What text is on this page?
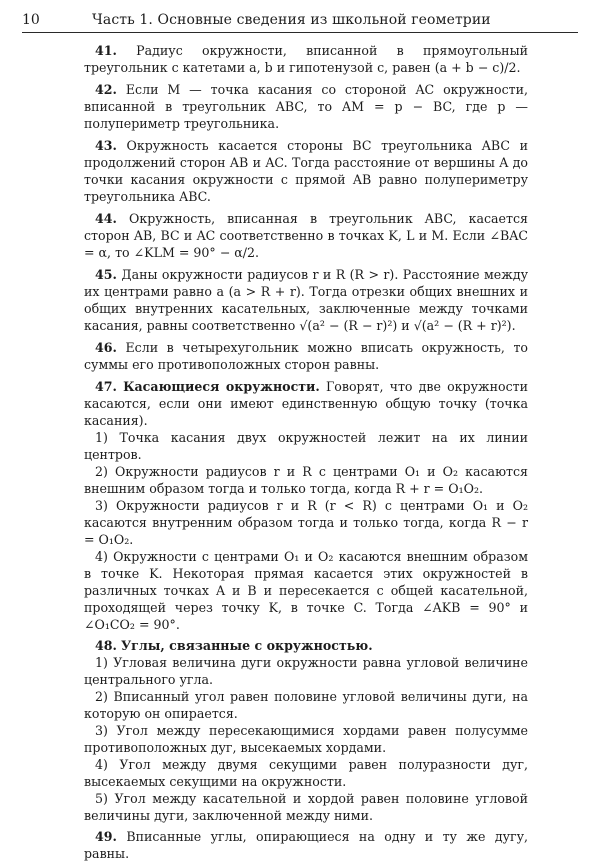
10	Часть 1. Основные сведения из школьной геометрии

41. Радиус окружности, вписанной в прямоугольный треугольник с катетами a, b и гипотенузой c, равен (a + b − c)/2.

42. Если M — точка касания со стороной AC окружности, вписанной в треугольник ABC, то AM = p − BC, где p — полупериметр треугольника.

43. Окружность касается стороны BC треугольника ABC и продолжений сторон AB и AC. Тогда расстояние от вершины A до точки касания окружности с прямой AB равно полупериметру треугольника ABC.

44. Окружность, вписанная в треугольник ABC, касается сторон AB, BC и AC соответственно в точках K, L и M. Если ∠BAC = α, то ∠KLM = 90° − α/2.

45. Даны окружности радиусов r и R (R > r). Расстояние между их центрами равно a (a > R + r). Тогда отрезки общих внешних и общих внутренних касательных, заключенные между точками касания, равны соответственно √(a² − (R − r)²) и √(a² − (R + r)²).

46. Если в четырехугольник можно вписать окружность, то суммы его противоположных сторон равны.

47. Касающиеся окружности. Говорят, что две окружности касаются, если они имеют единственную общую точку (точка касания).

1) Точка касания двух окружностей лежит на их линии центров.

2) Окружности радиусов r и R с центрами O₁ и O₂ касаются внешним образом тогда и только тогда, когда R + r = O₁O₂.

3) Окружности радиусов r и R (r < R) с центрами O₁ и O₂ касаются внутренним образом тогда и только тогда, когда R − r = O₁O₂.

4) Окружности с центрами O₁ и O₂ касаются внешним образом в точке K. Некоторая прямая касается этих окружностей в различных точках A и B и пересекается с общей касательной, проходящей через точку K, в точке C. Тогда ∠AKB = 90° и ∠O₁CO₂ = 90°.

48. Углы, связанные с окружностью.

1) Угловая величина дуги окружности равна угловой величине центрального угла.

2) Вписанный угол равен половине угловой величины дуги, на которую он опирается.

3) Угол между пересекающимися хордами равен полусумме противоположных дуг, высекаемых хордами.

4) Угол между двумя секущими равен полуразности дуг, высекаемых секущими на окружности.

5) Угол между касательной и хордой равен половине угловой величины дуги, заключенной между ними.

49. Вписанные углы, опирающиеся на одну и ту же дугу, равны.
